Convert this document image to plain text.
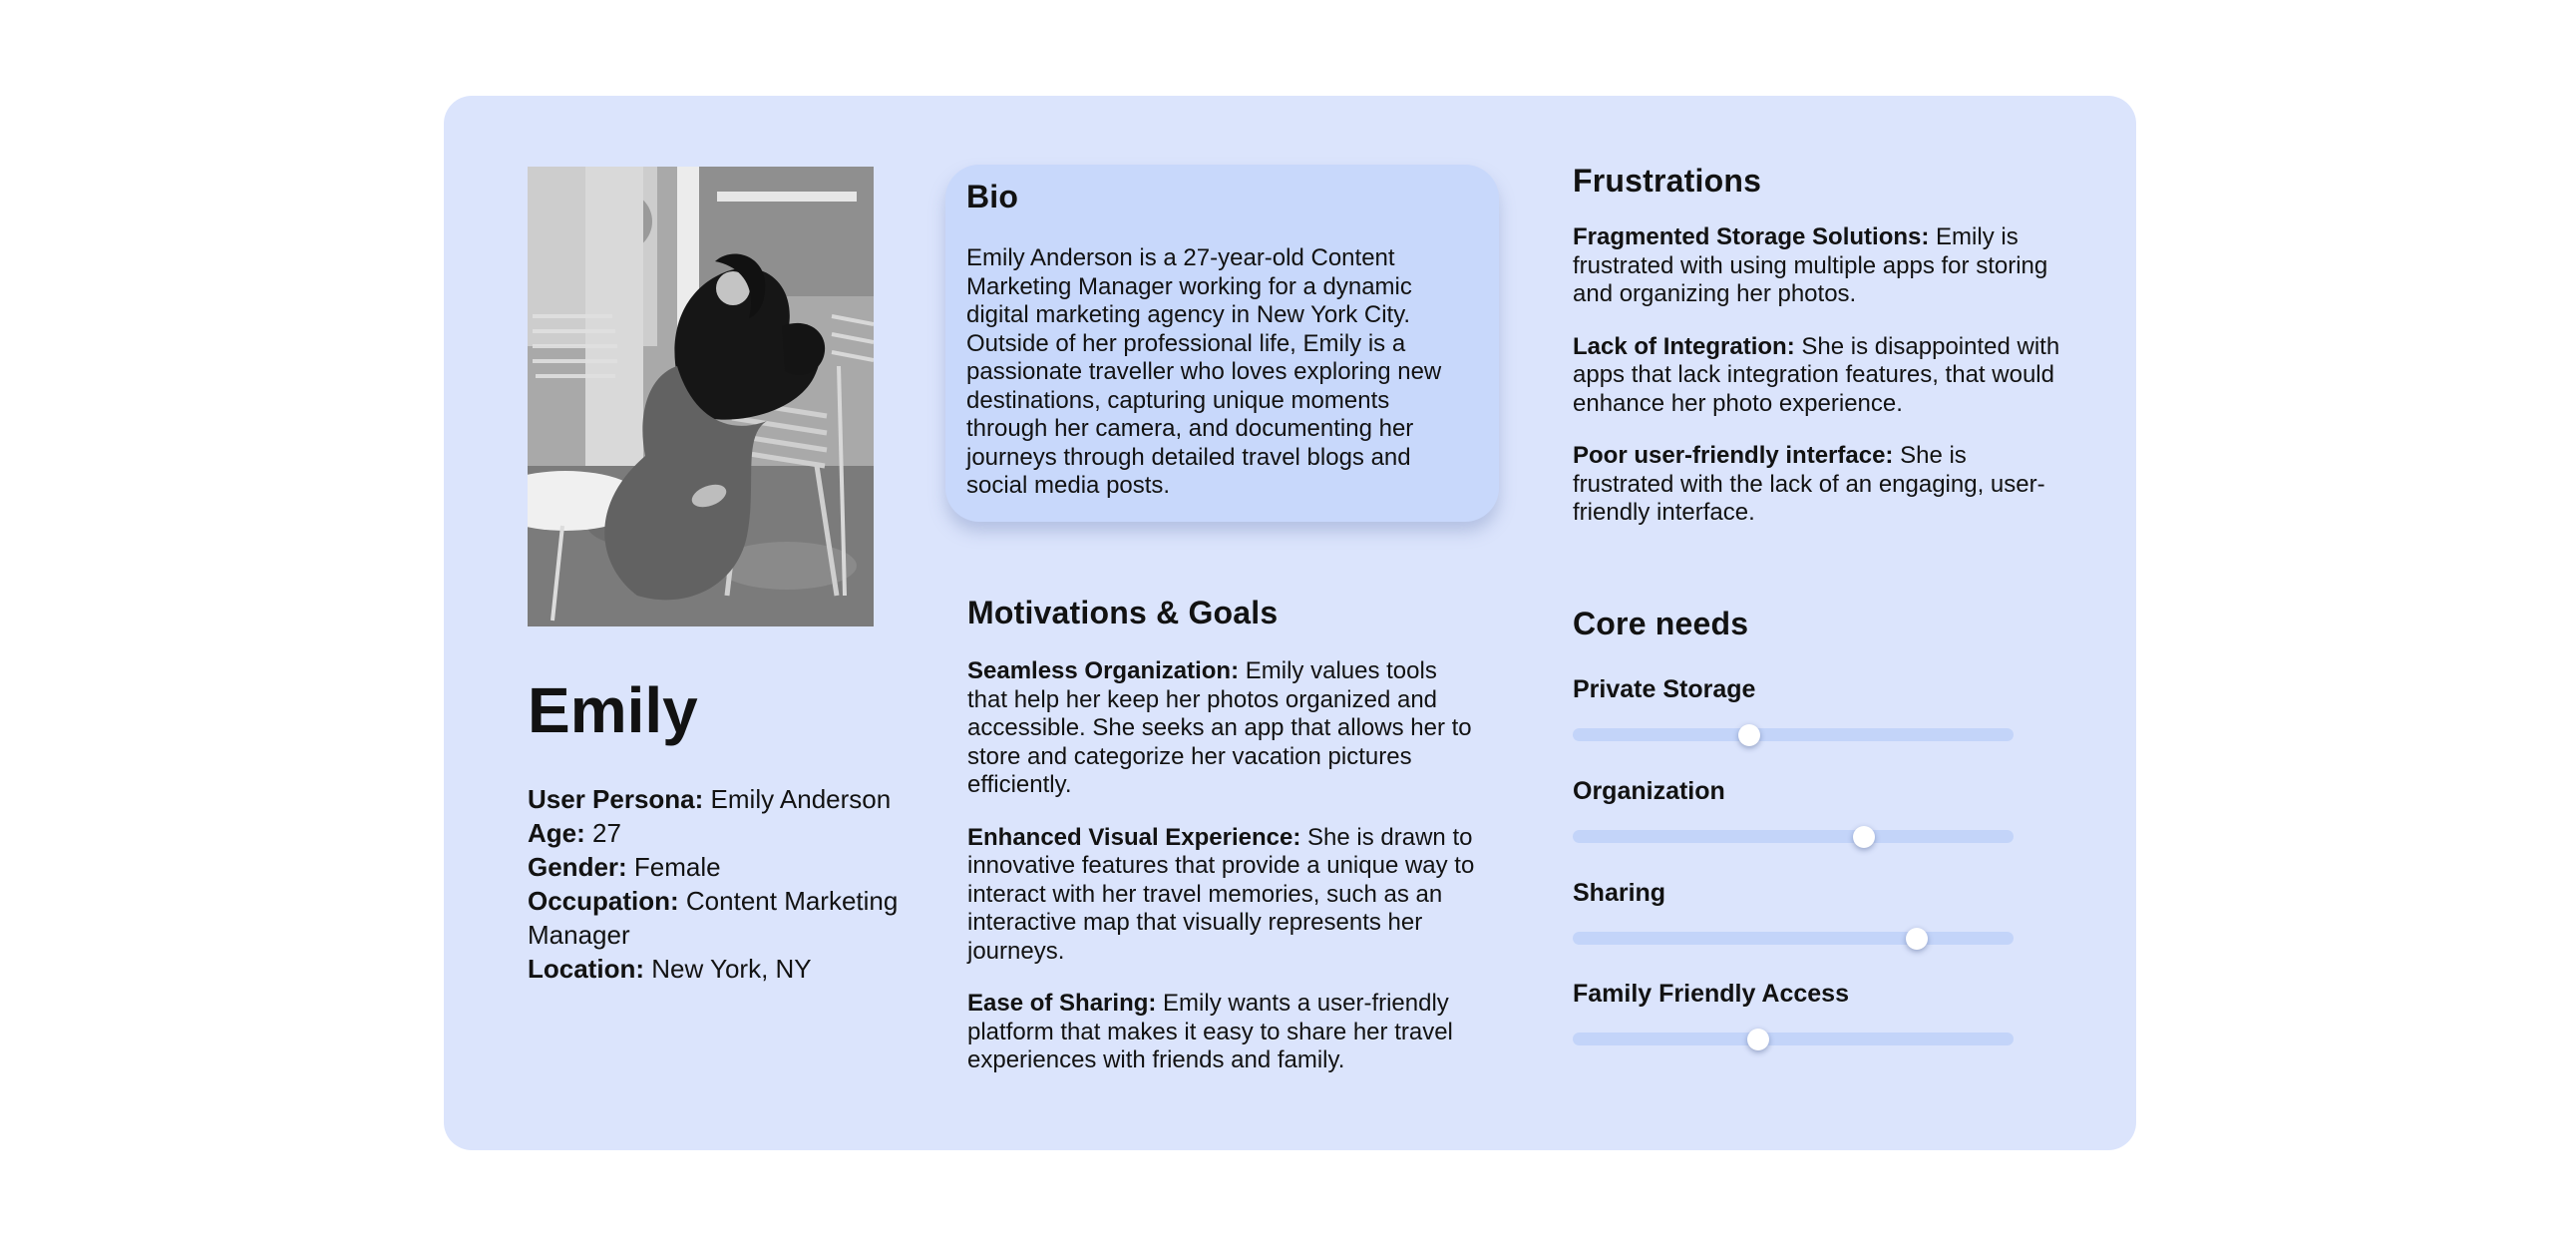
Emily

User Persona: Emily Anderson

Age: 27

Gender: Female

Occupation: Content Marketing Manager

Location: New York, NY

Bio

Emily Anderson is a 27-year-old Content Marketing Manager working for a dynamic digital marketing agency in New York City. Outside of her professional life, Emily is a passionate traveller who loves exploring new destinations, capturing unique moments through her camera, and documenting her journeys through detailed travel blogs and social media posts.

Motivations & Goals

Seamless Organization: Emily values tools that help her keep her photos organized and accessible. She seeks an app that allows her to store and categorize her vacation pictures efficiently.

Enhanced Visual Experience: She is drawn to innovative features that provide a unique way to interact with her travel memories, such as an interactive map that visually represents her journeys.

Ease of Sharing: Emily wants a user-friendly platform that makes it easy to share her travel experiences with friends and family.

Frustrations

Fragmented Storage Solutions: Emily is frustrated with using multiple apps for storing and organizing her photos.

Lack of Integration: She is disappointed with apps that lack integration features, that would  enhance her photo experience.

Poor user-friendly interface: She is frustrated with the lack of an engaging, user-friendly interface.

Core needs

Private Storage

Organization

Sharing

Family Friendly Access
